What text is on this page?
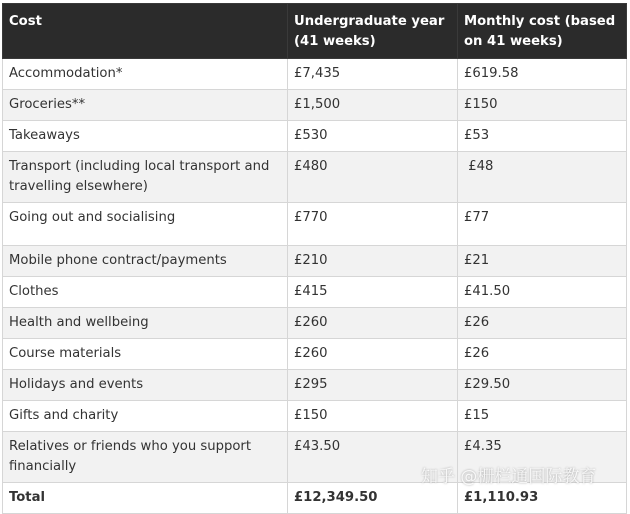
Cost	Undergraduate year (41 weeks)	Monthly cost (based on 41 weeks)
Accommodation*	£7,435	£619.58
Groceries**	£1,500	£150
Takeaways	£530	£53
Transport (including local transport and travelling elsewhere)	£480	£48
Going out and socialising	£770	£77
Mobile phone contract/payments	£210	£21
Clothes	£415	£41.50
Health and wellbeing	£260	£26
Course materials	£260	£26
Holidays and events	£295	£29.50
Gifts and charity	£150	£15
Relatives or friends who you support financially	£43.50	£4.35
Total	£12,349.50	£1,110.93
知乎 @栅栏通国际教育
